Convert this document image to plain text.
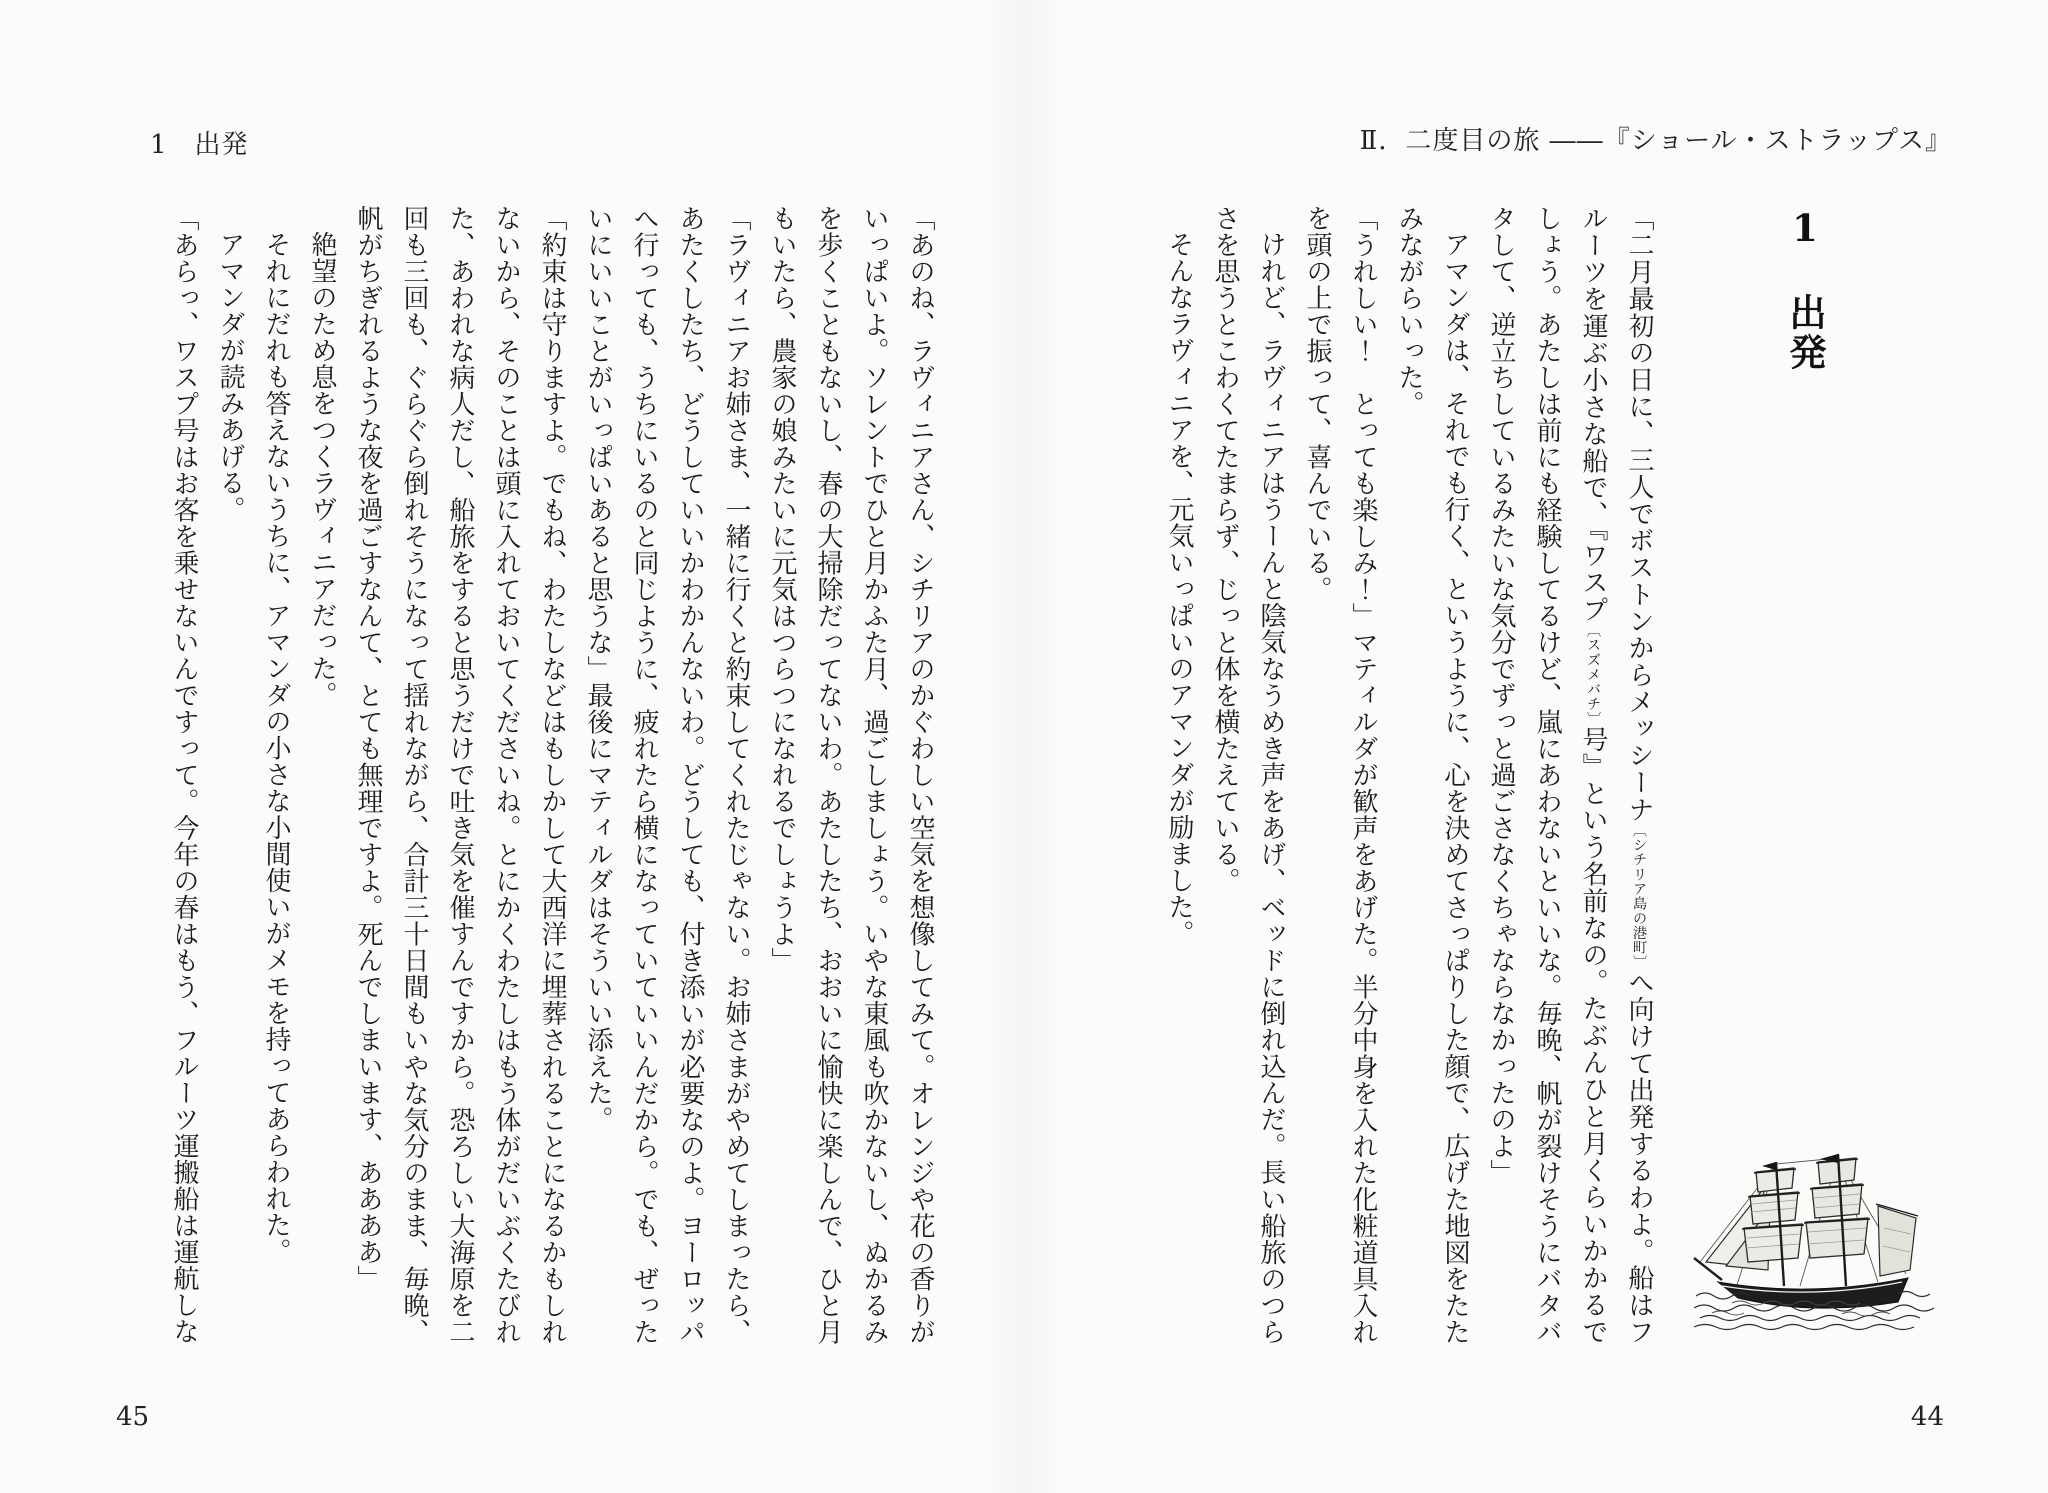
1　出発	Ⅱ．二度目の旅 ――『ショール・ストラップス』
1　出発

「二月最初の日に、三人でボストンからメッシーナ〔シチリア島の港町〕へ向けて出発するわよ。船はフルーツを運ぶ小さな船で、『ワスプ〔スズメバチ〕号』という名前なの。たぶんひと月くらいかかるでしょう。あたしは前にも経験してるけど、嵐にあわないといいな。毎晩、帆が裂けそうにバタバタして、逆立ちしているみたいな気分でずっと過ごさなくちゃならなかったのよ」

アマンダは、それでも行く、というように、心を決めてさっぱりした顔で、広げた地図をたたみながらいった。

「うれしい！　とっても楽しみ！」マティルダが歓声をあげた。半分中身を入れた化粧道具入れを頭の上で振って、喜んでいる。

けれど、ラヴィニアはうーんと陰気なうめき声をあげ、ベッドに倒れ込んだ。長い船旅のつらさを思うとこわくてたまらず、じっと体を横たえている。

そんなラヴィニアを、元気いっぱいのアマンダが励ました。

「あのね、ラヴィニアさん、シチリアのかぐわしい空気を想像してみて。オレンジや花の香りがいっぱいよ。ソレントでひと月かふた月、過ごしましょう。いやな東風も吹かないし、ぬかるみを歩くこともないし、春の大掃除だってないわ。あたしたち、おおいに愉快に楽しんで、ひと月もいたら、農家の娘みたいに元気はつらつになれるでしょうよ」

「ラヴィニアお姉さま、一緒に行くと約束してくれたじゃない。お姉さまがやめてしまったら、あたくしたち、どうしていいかわかんないわ。どうしても、付き添いが必要なのよ。ヨーロッパへ行っても、うちにいるのと同じように、疲れたら横になっていていいんだから。でも、ぜったいにいいことがいっぱいあると思うな」最後にマティルダはそういい添えた。

「約束は守りますよ。でもね、わたしなどはもしかして大西洋に埋葬されることになるかもしれないから、そのことは頭に入れておいてくださいね。とにかくわたしはもう体がだいぶくたびれた、あわれな病人だし、船旅をすると思うだけで吐き気を催すんですから。恐ろしい大海原を二回も三回も、ぐらぐら倒れそうになって揺れながら、合計三十日間もいやな気分のまま、毎晩、帆がちぎれるような夜を過ごすなんて、とても無理ですよ。死んでしまいます、ああああ」

絶望のため息をつくラヴィニアだった。

それにだれも答えないうちに、アマンダの小さな小間使いがメモを持ってあらわれた。

アマンダが読みあげる。

「あらっ、ワスプ号はお客を乗せないんですって。今年の春はもう、フルーツ運搬船は運航しな

45	44
